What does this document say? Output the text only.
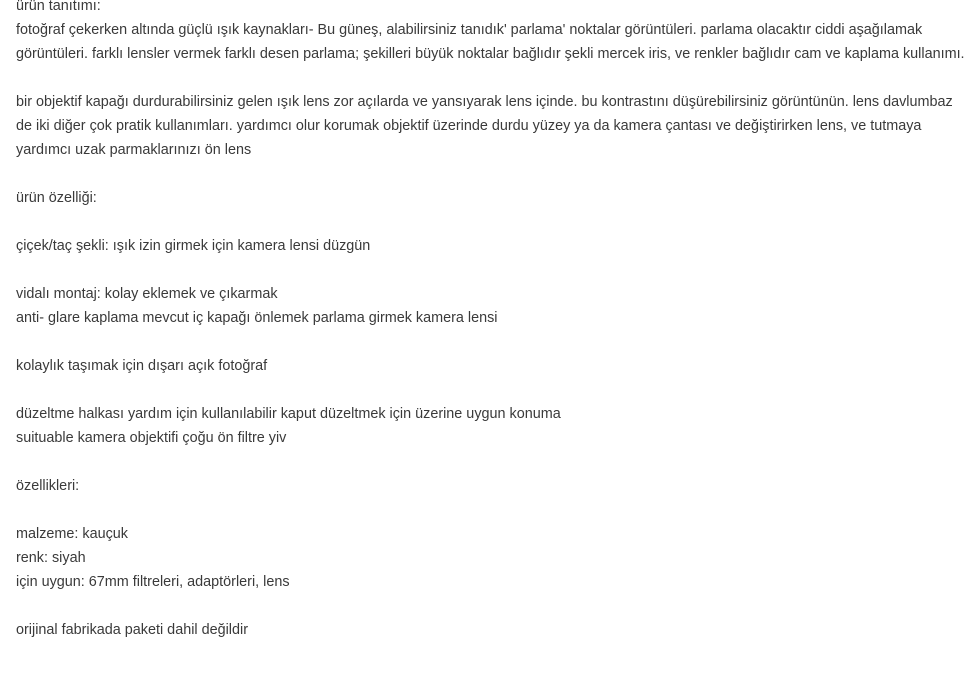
ürün tanıtımı:

fotoğraf çekerken altında güçlü ışık kaynakları- Bu güneş, alabilirsiniz tanıdık' parlama' noktalar görüntüleri. parlama olacaktır ciddi aşağılamak görüntüleri. farklı lensler vermek farklı desen parlama; şekilleri büyük noktalar bağlıdır şekli mercek iris, ve renkler bağlıdır cam ve kaplama kullanımı.

bir objektif kapağı durdurabilirsiniz gelen ışık lens zor açılarda ve yansıyarak lens içinde. bu kontrastını düşürebilirsiniz görüntünün. lens davlumbaz de iki diğer çok pratik kullanımları. yardımcı olur korumak objektif üzerinde durdu yüzey ya da kamera çantası ve değiştirirken lens, ve tutmaya yardımcı uzak parmaklarınızı ön lens

ürün özelliği:

çiçek/taç şekli: ışık izin girmek için kamera lensi düzgün

vidalı montaj: kolay eklemek ve çıkarmak

anti- glare kaplama mevcut iç kapağı önlemek parlama girmek kamera lensi

kolaylık taşımak için dışarı açık fotoğraf

düzeltme halkası yardım için kullanılabilir kaput düzeltmek için üzerine uygun konuma

suituable kamera objektifi çoğu ön filtre yiv

özellikleri:

malzeme: kauçuk

renk: siyah

için uygun: 67mm filtreleri, adaptörleri, lens

orijinal fabrikada paketi dahil değildir
